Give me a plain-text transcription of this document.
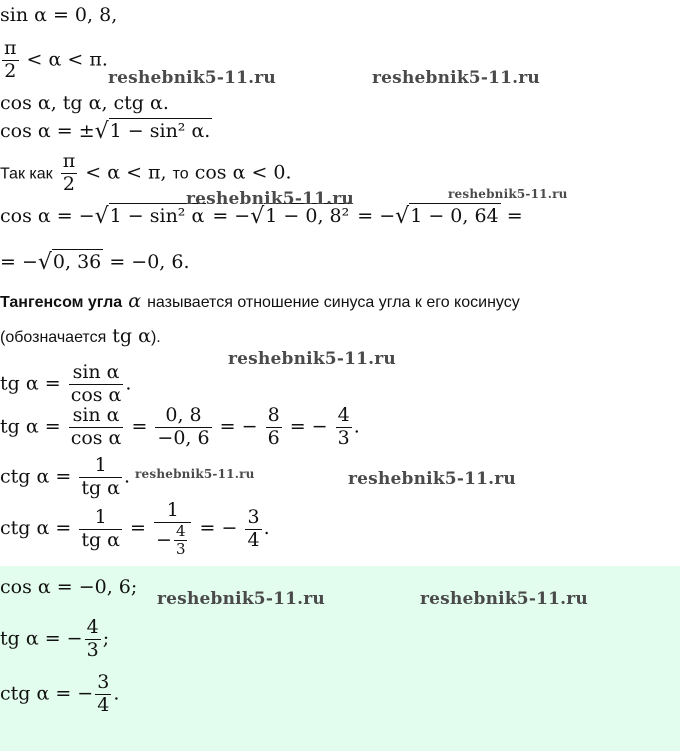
sin α = 0, 8,
$\frac{\pi}{2} < \alpha < \pi$.
cos α, tg α, ctg α.
cos α = ±√1 − sin² α.
Так как $\frac{\pi}{2} < \alpha < \pi$, то cos α < 0.
cos α = −√1 − sin² α = −√1 − 0, 8² = −√1 − 0, 64 =
= −√0, 36 = −0, 6.
Тангенсом угла α называется отношение синуса угла к его косинусу
(обозначается tg α).
tg $\alpha = \frac{\text{sin α}}{\text{cos α}}$ .
tg $\alpha = \frac{\text{sin α}}{\text{cos α}} = \frac{0, 8}{-0, 6}$ = − $\frac{8}{6}$ = − $\frac{4}{3}$ .
ctg $\alpha = \frac{1}{\text{tg α}}$ .
ctg $\alpha = \frac{1}{\text{tg α}} = \frac{1}{- \frac{4}{3}}$ = − $\frac{3}{4}$ .
cos α = −0, 6;
tg α = − $\frac{4}{3}$ ;
ctg α = − $\frac{3}{4}$ .
reshebnik5-11.ru	reshebnik5-11.ru
reshebnik5-11.ru	reshebnik5-11.ru
reshebnik5-11.ru
reshebnik5-11.ru	reshebnik5-11.ru
reshebnik5-11.ru	reshebnik5-11.ru
